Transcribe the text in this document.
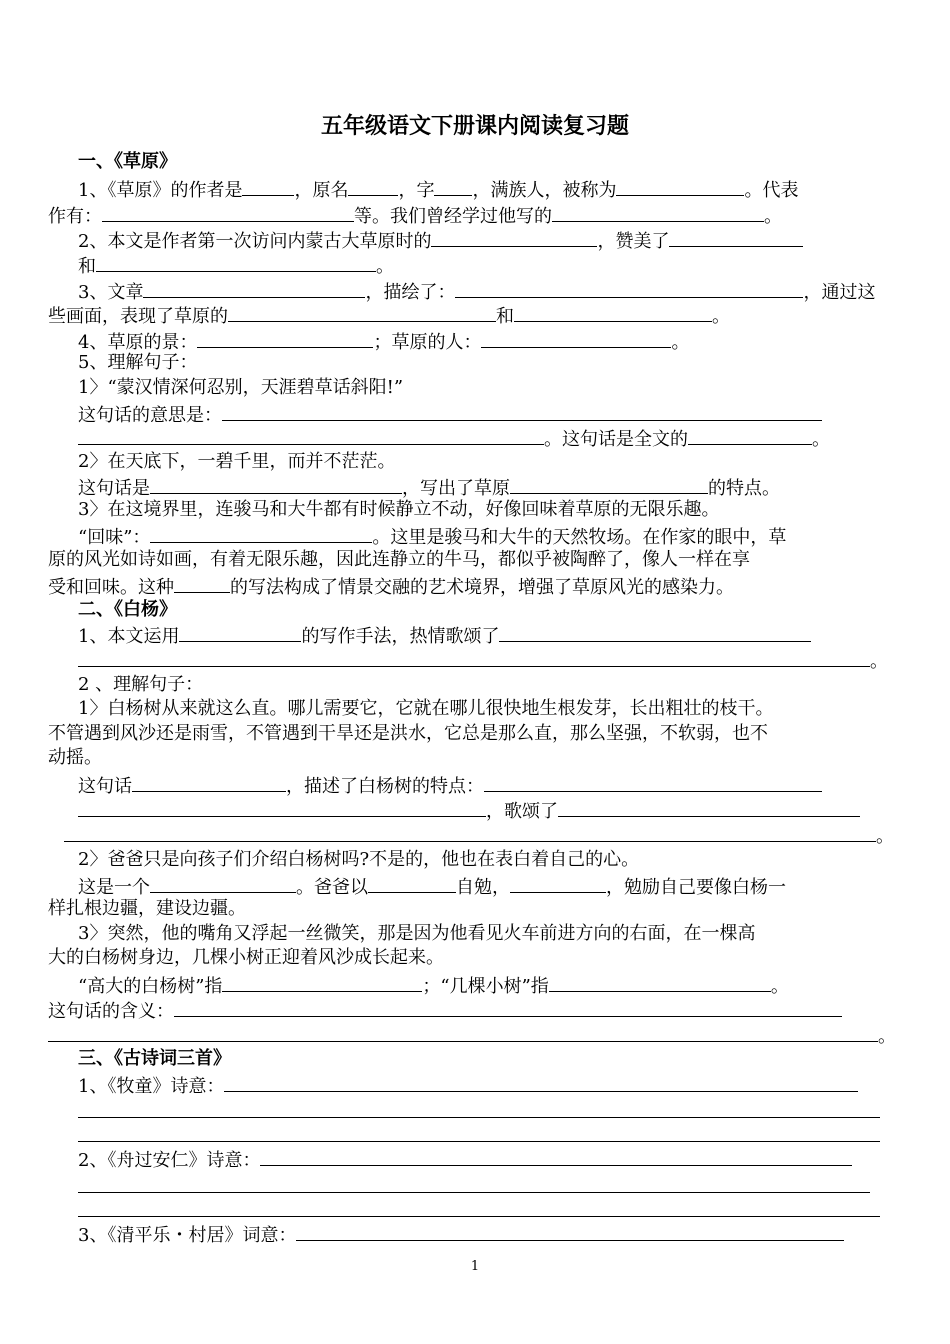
五年级语文下册课内阅读复习题
一、《草原》
1、《草原》的作者是	，原名	，字 ，满族人，被称为	。代表
作有：	等。我们曾经学过他写的	。
2、本文是作者第一次访问内蒙古大草原时的	，赞美了
和	。
3、文章	，描绘了：	，通过这
些画面，表现了草原的	和	。
4、草原的景：	；草原的人：	。
5、理解句子：
1〉“蒙汉情深何忍别，天涯碧草话斜阳!”
这句话的意思是：
。这句话是全文的	。
2〉在天底下，一碧千里，而并不茫茫。
这句话是	，写出了草原	的特点。
3〉在这境界里，连骏马和大牛都有时候静立不动，好像回味着草原的无限乐趣。
“回味”：	。这里是骏马和大牛的天然牧场。在作家的眼中，草
原的风光如诗如画，有着无限乐趣，因此连静立的牛马，都似乎被陶醉了，像人一样在享
受和回味。这种	的写法构成了情景交融的艺术境界，增强了草原风光的感染力。
二、《白杨》
1、本文运用	的写作手法，热情歌颂了
。
2 、理解句子：
1〉白杨树从来就这么直。哪儿需要它，它就在哪儿很快地生根发芽，长出粗壮的枝干。
不管遇到风沙还是雨雪，不管遇到干旱还是洪水，它总是那么直，那么坚强，不软弱，也不
动摇。
这句话	，描述了白杨树的特点：
，歌颂了
。
2〉爸爸只是向孩子们介绍白杨树吗?不是的，他也在表白着自己的心。
这是一个	。爸爸以	自勉，	，勉励自己要像白杨一
样扎根边疆，建设边疆。
3〉突然，他的嘴角又浮起一丝微笑，那是因为他看见火车前进方向的右面，在一棵高
大的白杨树身边，几棵小树正迎着风沙成长起来。
“高大的白杨树”指	；“几棵小树”指	。
这句话的含义：
。
三、《古诗词三首》
1、《牧童》诗意：
2、《舟过安仁》诗意：
3、《清平乐・村居》词意：
1
